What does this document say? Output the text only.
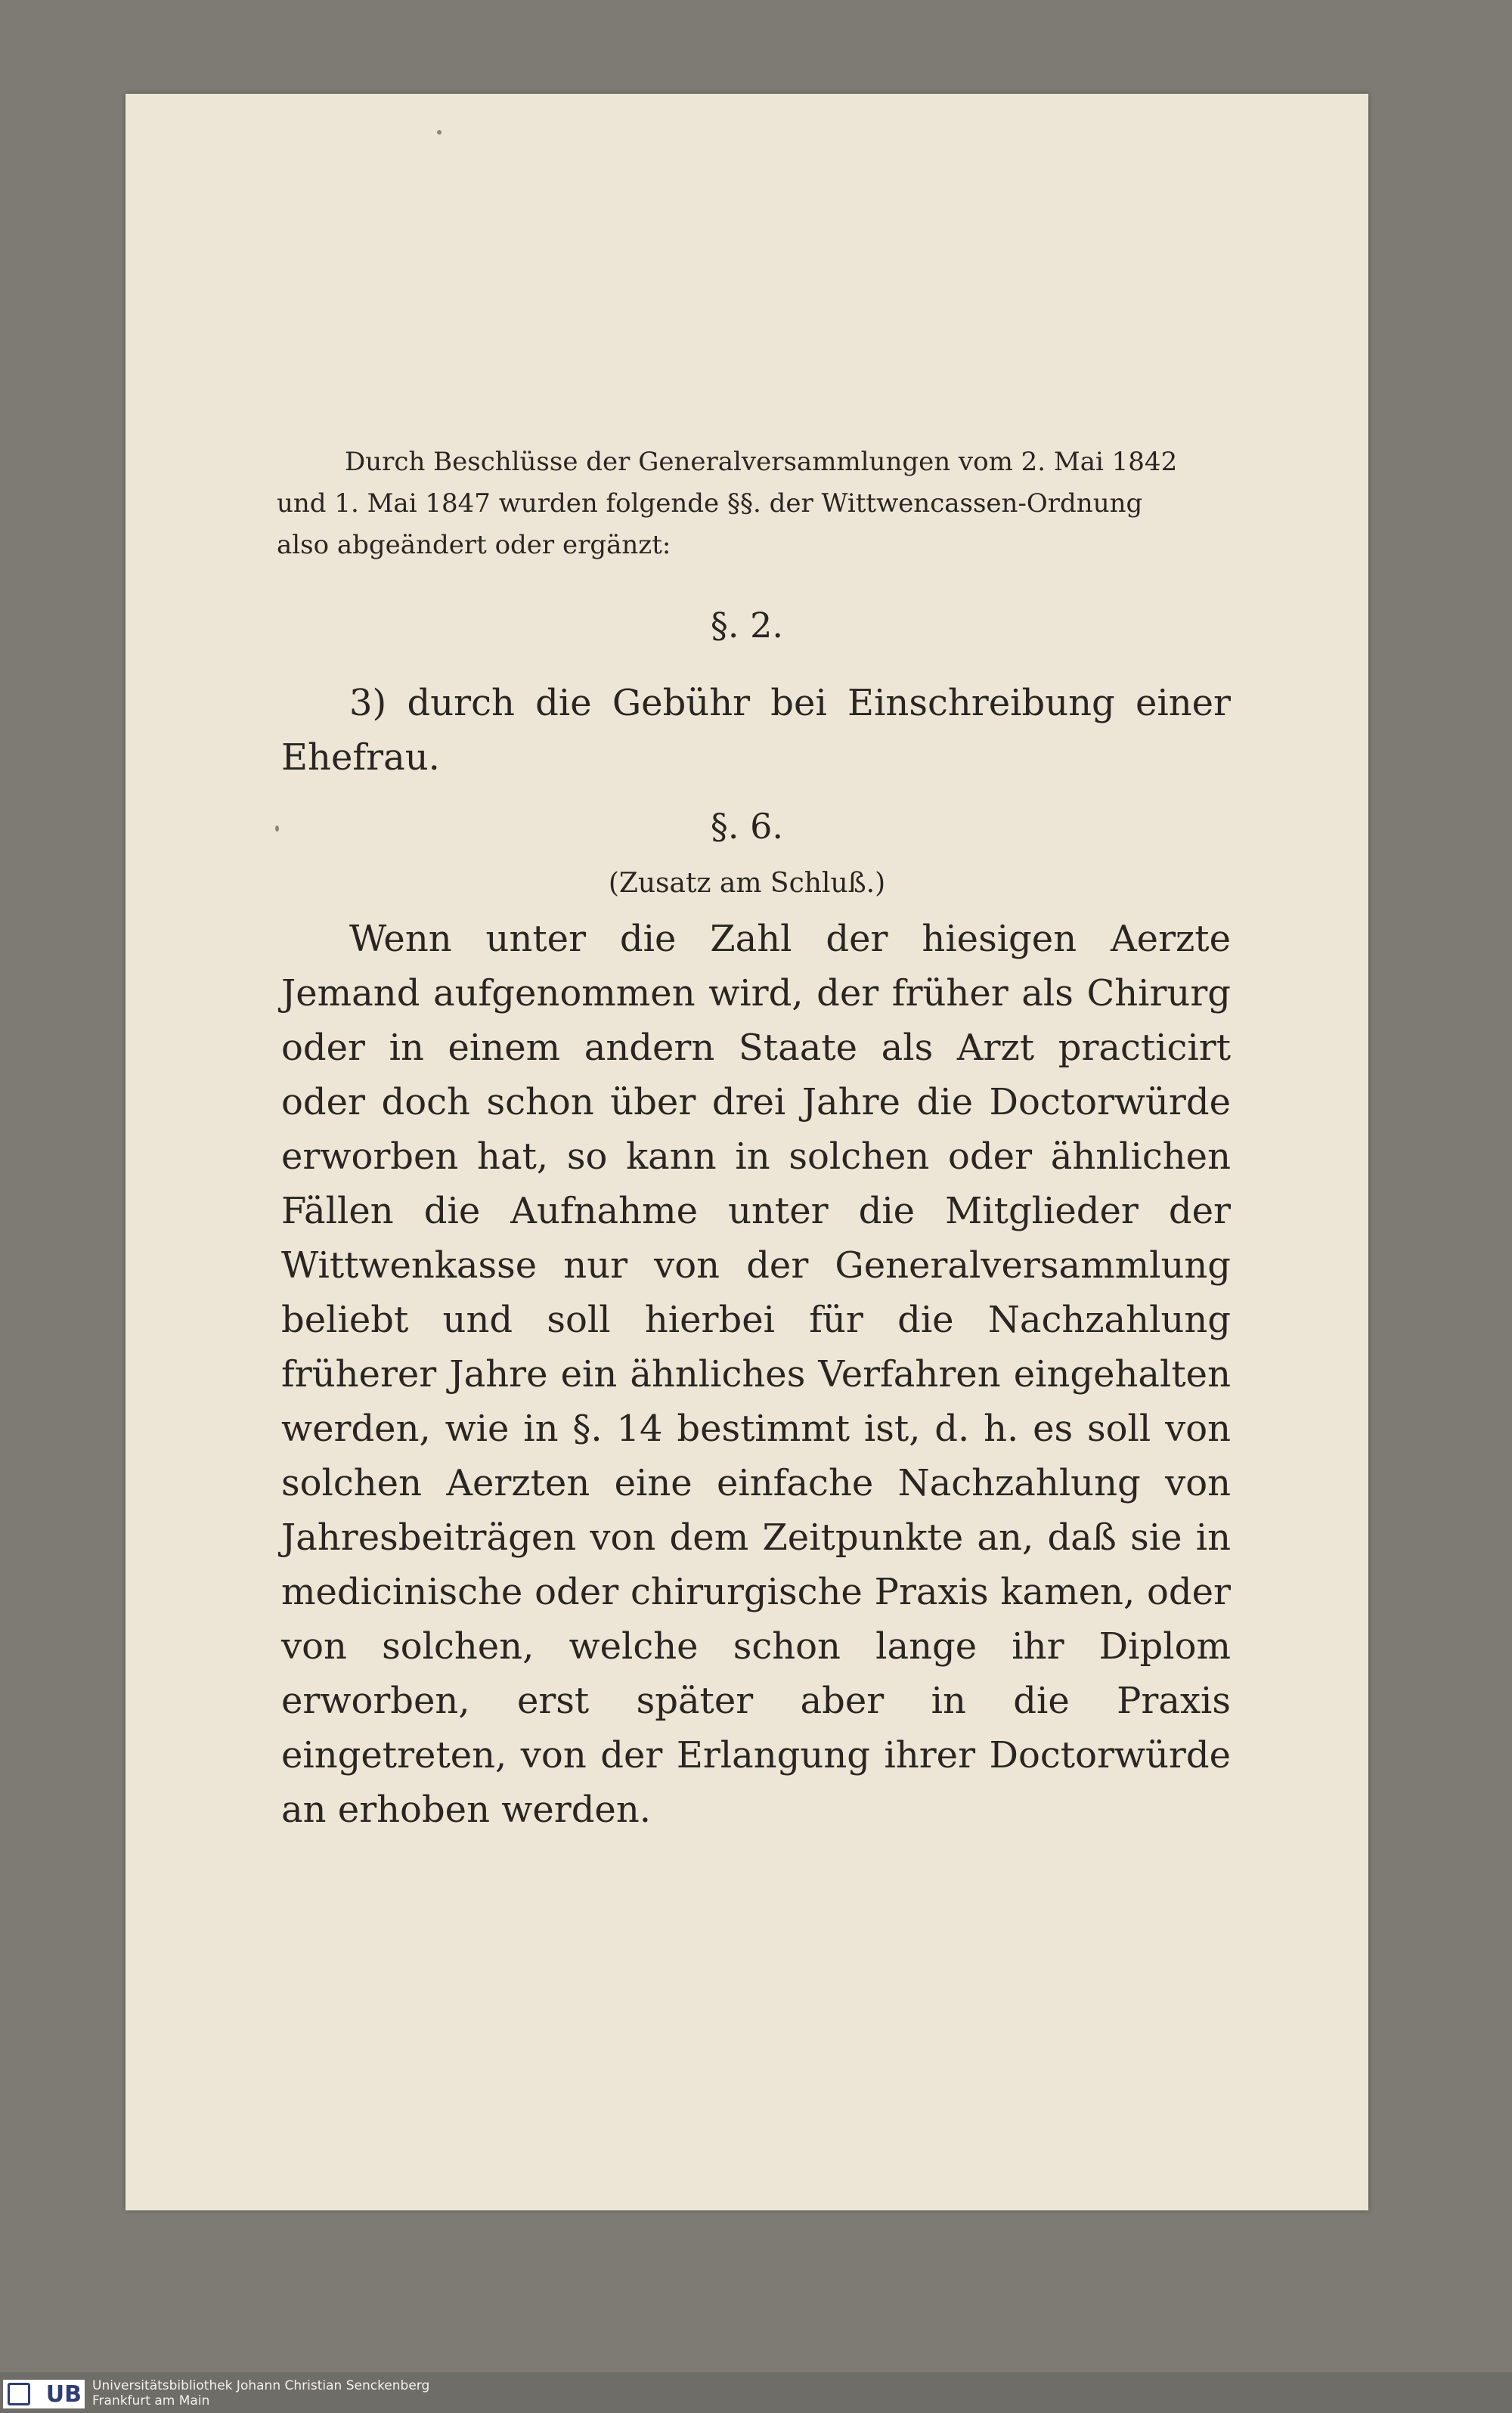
Durch Beschlüsse der Generalversammlungen vom 2. Mai 1842

und 1. Mai 1847 wurden folgende §§. der Wittwencassen-Ordnung

also abgeändert oder ergänzt:

§. 2.

3) durch die Gebühr bei Einschreibung einer Ehefrau.

§. 6.
(Zusatz am Schluß.)

Wenn unter die Zahl der hiesigen Aerzte Jemand aufgenommen wird, der früher als Chirurg oder in einem andern Staate als Arzt practicirt oder doch schon über drei Jahre die Doctorwürde erworben hat, so kann in solchen oder ähnlichen Fällen die Aufnahme unter die Mitglieder der Wittwenkasse nur von der Generalversammlung beliebt und soll hierbei für die Nachzahlung früherer Jahre ein ähnliches Verfahren eingehalten werden, wie in §. 14 bestimmt ist, d. h. es soll von solchen Aerzten eine einfache Nachzahlung von Jahresbeiträgen von dem Zeitpunkte an, daß sie in medicinische oder chirurgische Praxis kamen, oder von solchen, welche schon lange ihr Diplom erworben, erst später aber in die Praxis eingetreten, von der Erlangung ihrer Doctorwürde an erhoben werden.

UB Universitätsbibliothek Johann Christian Senckenberg
Frankfurt am Main
